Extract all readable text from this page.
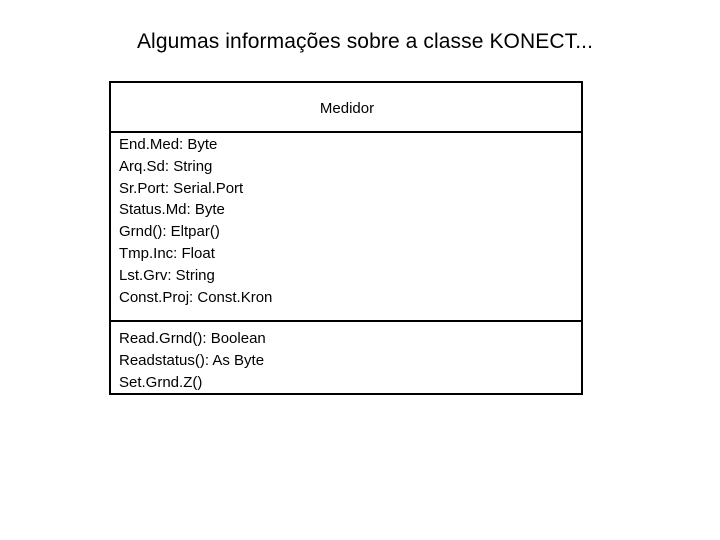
Algumas informações sobre a classe KONECT...
Medidor
End.Med: Byte
Arq.Sd: String
Sr.Port: Serial.Port
Status.Md: Byte
Grnd(): Eltpar()
Tmp.Inc: Float
Lst.Grv: String
Const.Proj: Const.Kron
Read.Grnd(): Boolean
Readstatus(): As Byte
Set.Grnd.Z()
